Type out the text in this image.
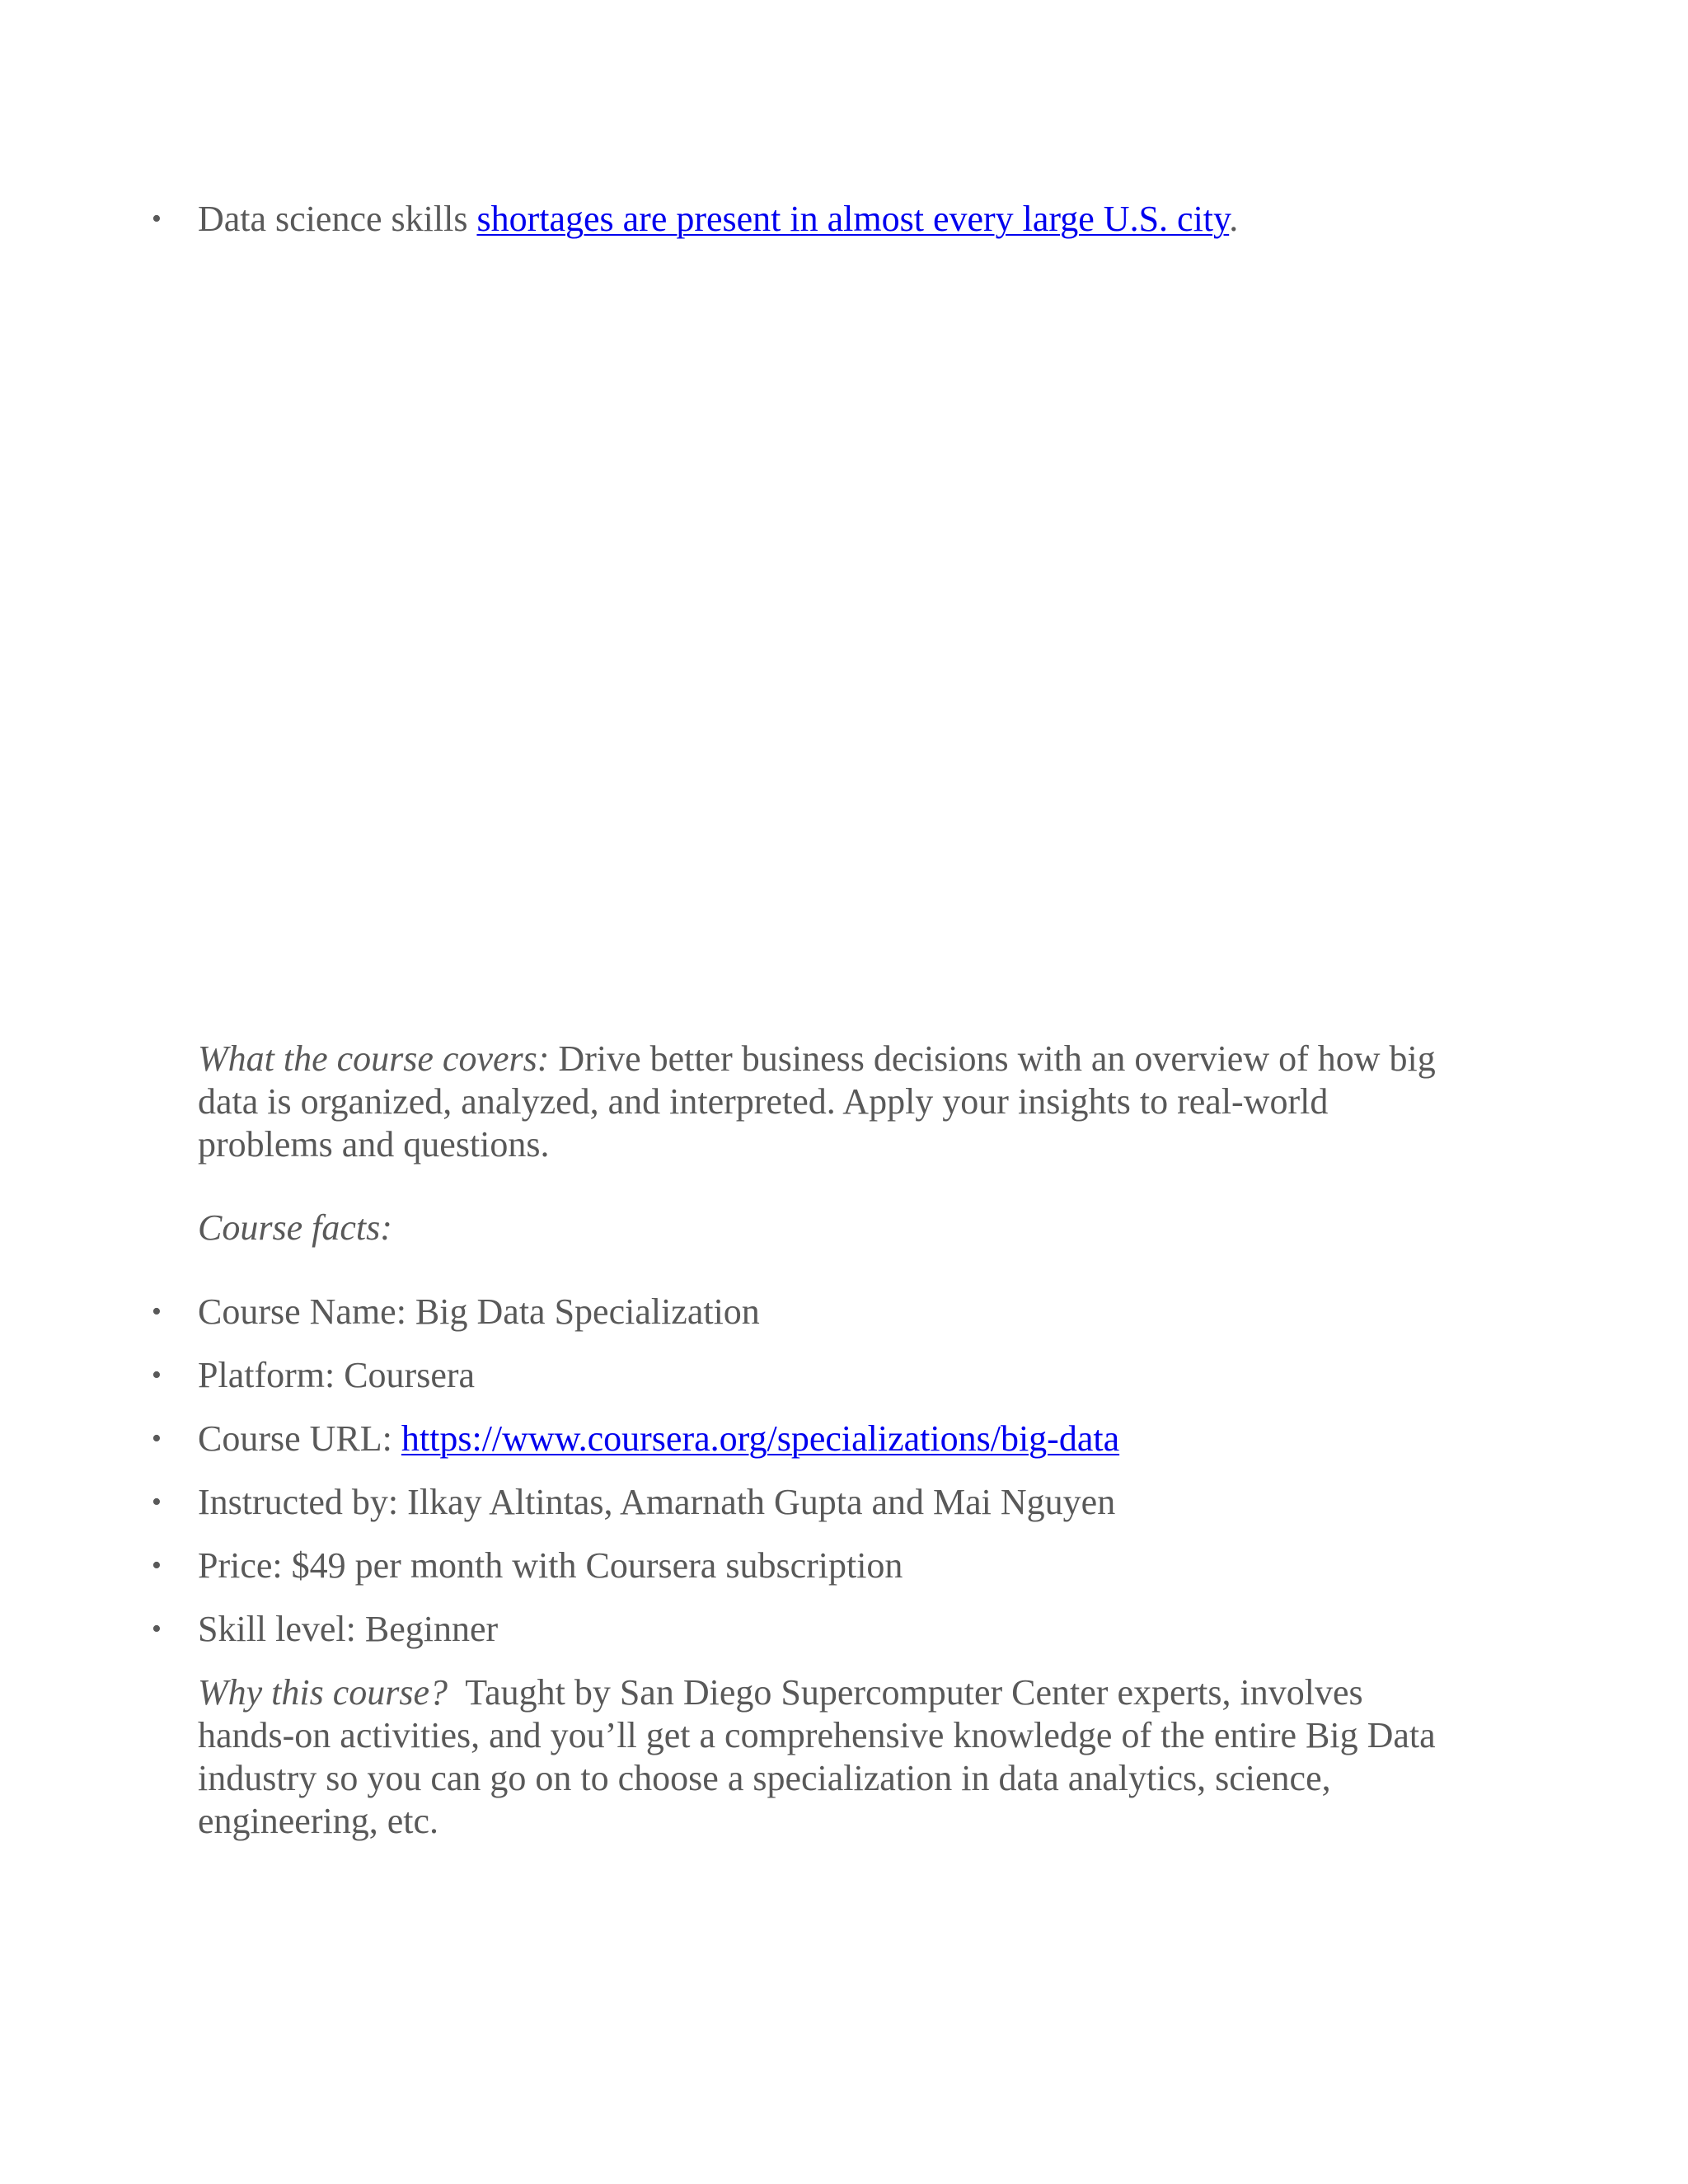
• Data science skills shortages are present in almost every large U.S. city.
What the course covers: Drive better business decisions with an overview of how big
data is organized, analyzed, and interpreted. Apply your insights to real-world
problems and questions.
Course facts:
• Course Name: Big Data Specialization
• Platform: Coursera
• Course URL: https://www.coursera.org/specializations/big-data
• Instructed by: Ilkay Altintas, Amarnath Gupta and Mai Nguyen
• Price: $49 per month with Coursera subscription
• Skill level: Beginner
Why this course?  Taught by San Diego Supercomputer Center experts, involves
hands-on activities, and you’ll get a comprehensive knowledge of the entire Big Data
industry so you can go on to choose a specialization in data analytics, science,
engineering, etc.
